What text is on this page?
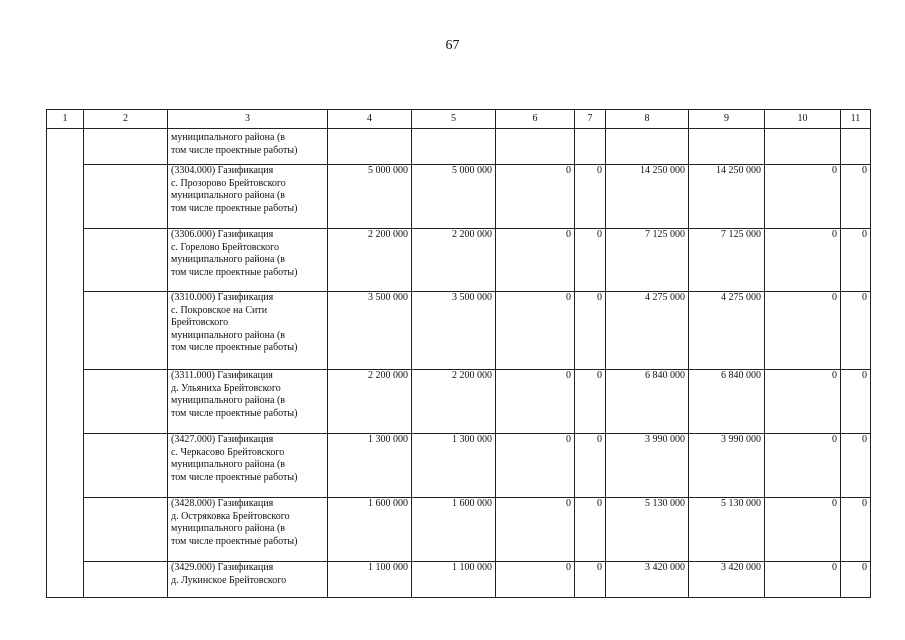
67
1	2	3	4	5	6	7	8	9	10	11

		муниципального района (в
том числе проектные работы)								

		(3304.000) Газификация
с. Прозорово Брейтовского
муниципального района (в
том числе проектные работы)	5 000 000	5 000 000	0	0	14 250 000	14 250 000	0	0

		(3306.000) Газификация
с. Горелово Брейтовского
муниципального района (в
том числе проектные работы)	2 200 000	2 200 000	0	0	7 125 000	7 125 000	0	0

		(3310.000) Газификация
с. Покровское на Сити
Брейтовского
муниципального района (в
том числе проектные работы)	3 500 000	3 500 000	0	0	4 275 000	4 275 000	0	0

		(3311.000) Газификация
д. Ульяниха Брейтовского
муниципального района (в
том числе проектные работы)	2 200 000	2 200 000	0	0	6 840 000	6 840 000	0	0

		(3427.000) Газификация
с. Черкасово Брейтовского
муниципального района (в
том числе проектные работы)	1 300 000	1 300 000	0	0	3 990 000	3 990 000	0	0

		(3428.000) Газификация
д. Остряковка Брейтовского
муниципального района (в
том числе проектные работы)	1 600 000	1 600 000	0	0	5 130 000	5 130 000	0	0

		(3429.000) Газификация
д. Лукинское Брейтовского	1 100 000	1 100 000	0	0	3 420 000	3 420 000	0	0
